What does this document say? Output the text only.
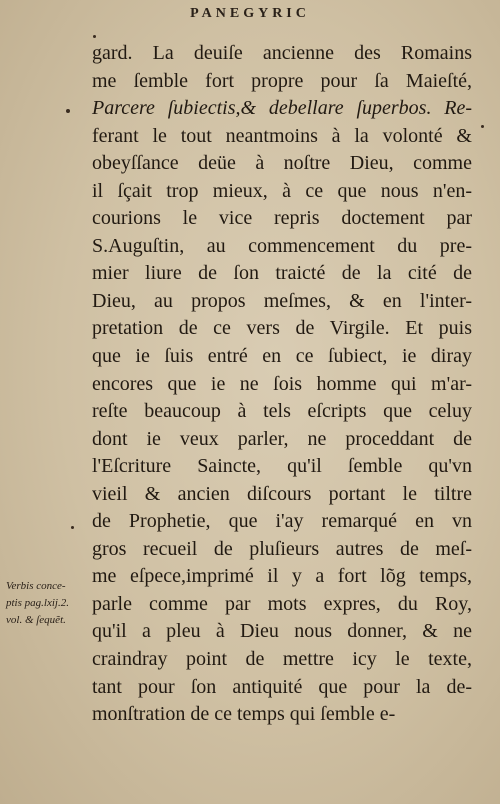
PANEGYRIC
gard. La deuiſe ancienne des Romains
me ſemble fort propre pour ſa Maieſté,
Parcere ſubiectis,& debellare ſuperbos. Re-
ferant le tout neantmoins à la volonté &
obeyſſance deüe à noſtre Dieu, comme
il ſçait trop mieux, à ce que nous n'en-
courions le vice repris doctement par
S.Auguſtin, au commencement du pre-
mier liure de ſon traicté de la cité de
Dieu, au propos meſmes, & en l'inter-
pretation de ce vers de Virgile. Et puis
que ie ſuis entré en ce ſubiect, ie diray
encores que ie ne ſois homme qui m'ar-
reſte beaucoup à tels eſcripts que celuy
dont ie veux parler, ne proceddant de
l'Eſcriture Saincte, qu'il ſemble qu'vn
vieil & ancien diſcours portant le tiltre
de Prophetie, que i'ay remarqué en vn
gros recueil de pluſieurs autres de meſ-
me eſpece,imprimé il y a fort lõg temps,
parle comme par mots expres, du Roy,
qu'il a pleu à Dieu nous donner, & ne
craindray point de mettre icy le texte,
tant pour ſon antiquité que pour la de-
monſtration de ce temps qui ſemble e-
Verbis conce-
ptis pag.lxij.2.
vol. & ſequẽt.
